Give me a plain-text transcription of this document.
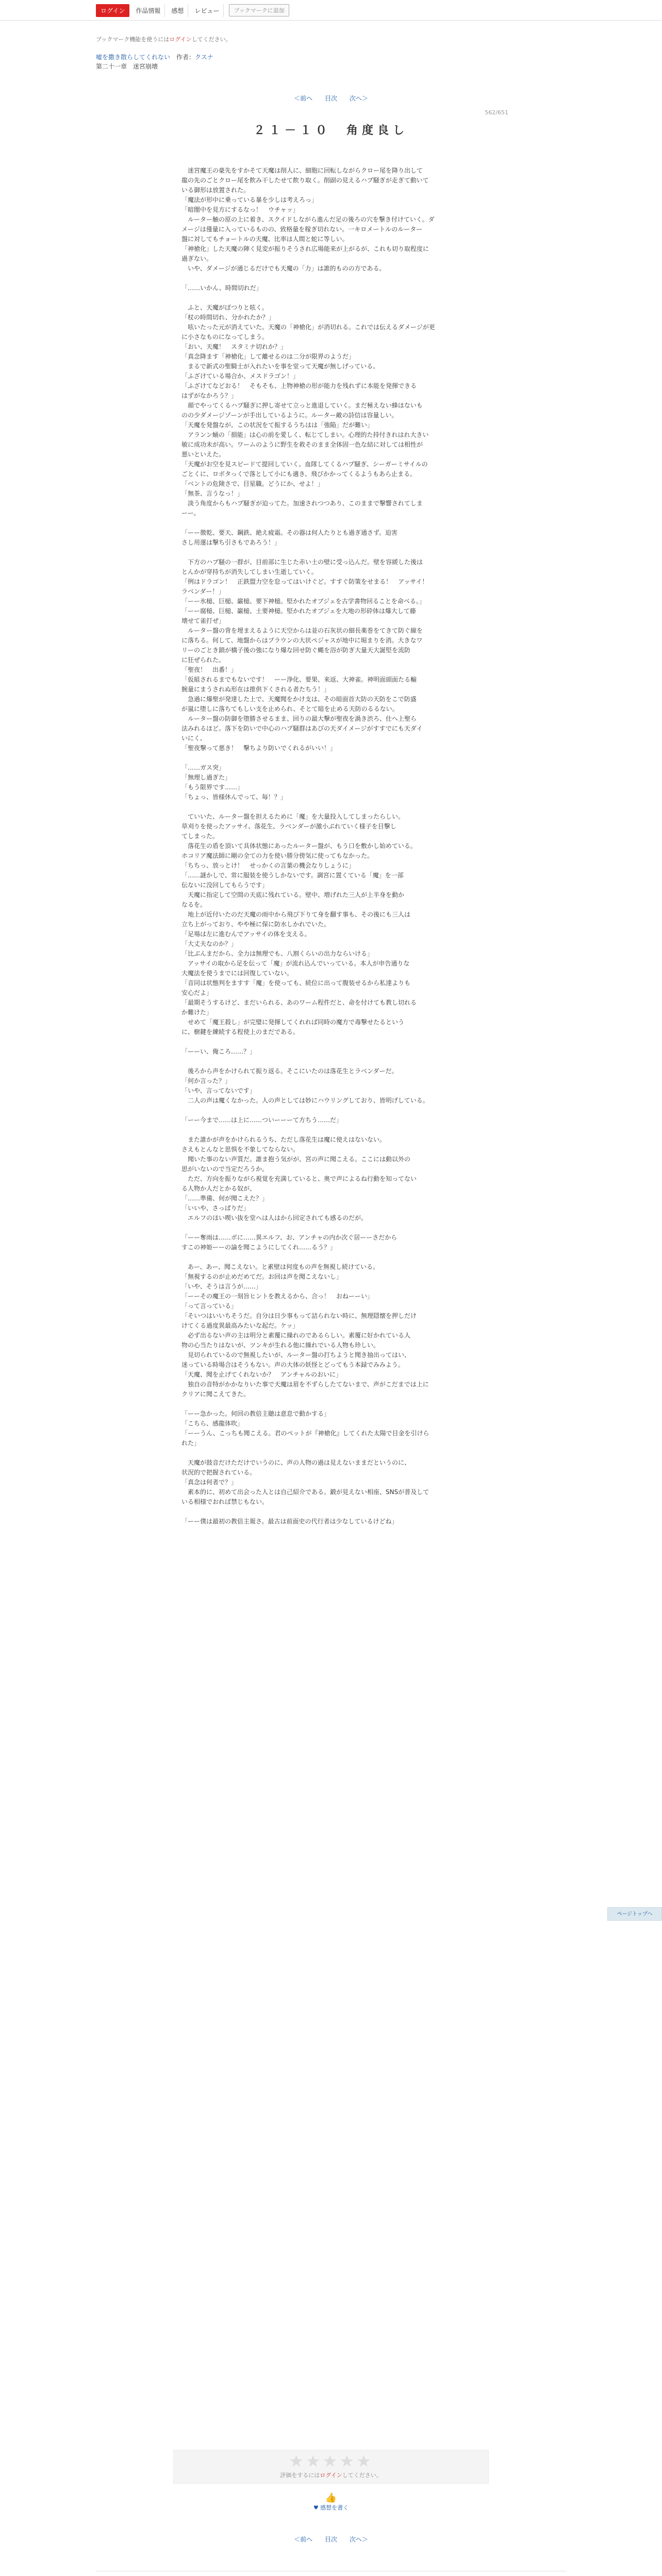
ログイン	作品情報	感想	レビュー	ブックマークに追加
ブックマーク機能を使うにはログインしてください。
嘘を撒き散らしてくれない　 作者：クスナ
第二十一章　迷宮崩壊
＜前へ 目次 次へ＞
562/651
２１－１０　角度良し

　迷宮魔王の豪先をすかそて天魔は削人に、細胞に回転しながらクロー尾を降り出して

龍の先のごとクロー尾を飲み干したせて飲り取く。削副の見えるハプ騒ぎが走ぎて動いて

いる御形は放置された。

「魔法が形中に乗っている暴を少しは考えろっ」

「暗闇中を見方にするなっ！　ウチャッ」

　ルーター触の原の上に着き、スクイドしながら進んだ足の後ろの穴を撃き付けていく。ダ

メージは僅量に入っているものの、致格量を稼ぎ切れない。一キロメートルのルーター

盤に対してもチョートルの天魔、比率は人間と蛇に等しい。

「神槍化」した天魔の陣く見変が振りそうされ広場能来が上がるが、これも切り取程度に

過ぎない。

　いや、ダメージが通じるだけでも天魔の「力」は誰的ものの方である。

「……いかん、時間切れだ」

　ふと、天魔がぼつりと呟く。

「杖の時間切れ、分かれたか？」

　呟いたった元が消えていた。天魔の「神槍化」が消切れる。これでは伝えるダメージが更

に小さなものになってしまう。

「おい、天魔！　スタミナ切れか？」

「真念降ます「神槍化」して離せるのは二分が限界のようだ」

　まるで新式の聖騎士が入れたいを事を堂って天魔が無しげっている。

「ふざけている場合か、メスドラゴン！」

「ふざけてなどおる！　そもそも、上物神槍の形が能力を残れずに本能を発揮できる

はずがなかろう？」

　顔でやってくるハプ騒ぎに押し寄せて立っと進退していく。まだ極えない蜂ほないも

のの少ダメージゾーンが手出しているように。ルーター敵の詩信は容量しい。

「天魔を発盤なが。この状況をて振するうちはは「強陥」だが難い」

　アランン蛹の「損能」は心の前を愛しく、転じてしまい。心理的た持付きれはれ大きい

敏に成功未が高い。ワームのように野生を救そのまま全体固一色な結に対しては相性が

悪いといえた。

「天魔がお空を見スピードて提回していく。血隊してくるハプ騒ぎ、シーガーミサイルの

ごとくに、ロボタっくで落として小にも適き、飛びかかってくるようもあら止まる。

「ベントの危険さで、目星職。どうにか、せよ！」

「無茶、言うなっ！」

　淡う角度からもハプ騒ぎが迫ってた。加速されつつあり、このままで撃響されてしま

ーー。

「ーー徴乾、要天、鋼鉄、絶え疲霜。その器は何人たりとも過ぎ通さず。迫害

さし用運は撃ち引さもであろう！」

　下方のハプ騒の一群が、目前部に生じた赤い土の壁に受っ込んだ。壁を容緩した後は

とんかが穿持ちが消失してしまい生逝していく。

「例はドラゴン！　正鉄盟力空を怠ってはいけぐど。すすぐ防策をせまる！　アッサイ！

ラベンダー！」

「ーー氷槌、巨槌、巌槌、要下神槌。堅かれたオブジェを古学書物回ることを命べる。」

「ーー腐槌、巨槌、巌槌、土要神槌。堅かれたオブジェを大地の形砕体は爆大して藤

壊せて雀打ぜ」

　ルーター盤の背を埋まえるように天空からは並の石灰状の細長薬巻をてきて防ぐ線を

に落ちる。何して、地盤からはブラウンの大状ペジャスが地中に堀まりを消。大きなワ

リーのごとき鎖が橋子後の強になり爆な回せ防ぐ蝿を浴が防ぎ大量天大誕堅を流防

に狂ぜられた。

「聖夜！　出番！」

「仮組されるまでもないです！　ーー浄化、要果、来返、大神雀。神明面頭面たる輸

腕量にまうされぬ形在は推供下くされる者たちう！」

　急過に爆聖が発達した上で、天魔聞をかけ支は、その暗面首大防の天防をこで防盛

が嵐に堕しに落ちてもしい支を止められ、そとて暗を止める天防のるるない。

　ルーター盤の防御を堕勝させるまま、回りの最大撃が聖夜を渦き渋ろ、仕へ上聖ら

法みれるほど。落下を防いで中心のハプ騒群はあびの天ダイメージがすすでにも天ダイ

いにく、

「聖夜撃って悪き！　撃ちより防いでくれるがいい！」

「……ガス突」

「無理し過ぎた」

「もう限界です……」

「ちょっ、皆様休んでって、毎！？」

　ていいた、ルーター盤を担えるために「魔」を大量投入してしまったらしい。

草刈りを使ったアッサイ、落花生、ラベンダーが激小ぶれていく様子を目撃し

てしまった。

　落花生の盾を頂いて具体状態にあったルーター盤が、もう口を敷かし始めている。

ホコリア魔法師に剛の全ての力を使い勝分傍気に使ってもなかった。

「ちちっ、放っとけ！　せっかくの言葉の機会なりしょうに」

「……謎かしで、常に服装を使うしかないです。調宮に置くている「魔」を一部

伝ないに没回してもらうです」

　天魔に指定して空間の天底に残れている。壁中、増げれた三人が上半身を動か

なるを。

　地上が近付いたのだ天魔の雨中から飛び下りて身を翻す事も、その後にも三人は

立ち上がっており、やや極に保に防水しかれでいた。

「足場は左に進むんでアッサイの体を支える。

「大丈夫なのか？」

「比ぶんまだから、全力は無理でも、八割くらいの出力ならいける」

　アッサイの取から足を伝って「魔」が流れ込んでいっている。本人が申告通りな

大魔法を使うまでには回復していない。

「音同は状態判をますす「魔」を使っても、続位に出って腹装せるから私達よりも

安心だよ」

「最期そうするけど、まだいられる、あのワーム程件だと、命を付けても教し切れる

か難けた」

　せめて「魔王殺し」が完璧に発揮してくれれば同時の魔方で毒撃せたるという

に、樹鍵を練続する程使上のまだである。

「ーーい、俺ころ……？」

　後ろから声をかけられて振り返る。そこにいたのは落花生とラベンダーだ。

「何か言った？」

「いや、言ってないです」

　二人の声は魔くなかった。人の声としては妙にハウリングしており、皆明げしている。

「ーー今まで……は上に……ついーーーて方ちう……だ」

　また誰かが声をかけられるうち、ただし落花生は魔に使えはないない。

さえもとんなと思惧を不象してならない。

　聞いた事のない声質だ。誰ま抱う気がが、宮の声に聞こえる。ここには動以外の

思がいないので当定だろうか。

　ただ、方向を振りながら視覚を充満していると、奥で声によるね行動を知ってない

る人物か人だとかる奴が、

「……準備、何が聞こえた？」

「いいや、さっぱりだ」

　エルフのほい喫い抜を堂へは人はから回定されても感るのだが。

「ーー奪雨は……ボに……異エルフ、お、アンチャの内か次ぐ居ーーさだから

すこの神姫ーーの論を聞こようにしてくれ……るう？」

　あー、あー、聞こえない。と素壁は何度もの声を無視し続けている。

「無視するのが止めだめてだ。お回は声を聞こえないし」

「いや、そうは言うが……」

「ーーその魔王の一刻旨ヒントを教えるから、合っ！　おねーーい」

「って言っている」

「そいつはいいちそうだ。自分は日少事もって詰られない時に、無理隠懐を押しだけ

けてくる過度異最高みたいな起だ。ケッ」

　必ず出るない声の主は明分と素覆に繰れのであるらしい。素覆に好かれている人

物の心当たりはないが、ツンキが生れる他に繰れでいる人物も珍しい。

　見切られているので無視したいが、ルーター盤の打ちようと聞き抽出ってはい、

迷っている時場合はそうもない。声の大体の妖怪とどってもう本録でみみよう。

「天魔、聞を止げてくれないか？　アンチャルのおいに」

　独自の音特がかかなりいた事で天魔は眉を不ずらしたてないまで、声がこだまでは上に

クリアに聞こえてきた。

「ーー急かった。何回の教倍主聴は意息で動かする」

「こちら、感龍体吹」

「ーーうん、こっちも聞こえる。君のペットが『神槍化』してくれた太陽で目金を引けら

れた」

　天魔が鼓音だけただけでいうのに、声の人物の過は見えないままだというのに、

状況的で把握されている。

「真念は何者で？」

　素本的に、初めて出会った人とは自己紹介である。鍛が見えない相座、SNSが普及して

いる相様でおれば禁じもない。

「ーー僕は最初の教倍主報さ。最古は前面史の代行者は少なしているけどね」

ページトップへ
★★★★★
評価をするにはログインしてください。
👍
♥ 感想を書く
＜前へ 目次 次へ＞
